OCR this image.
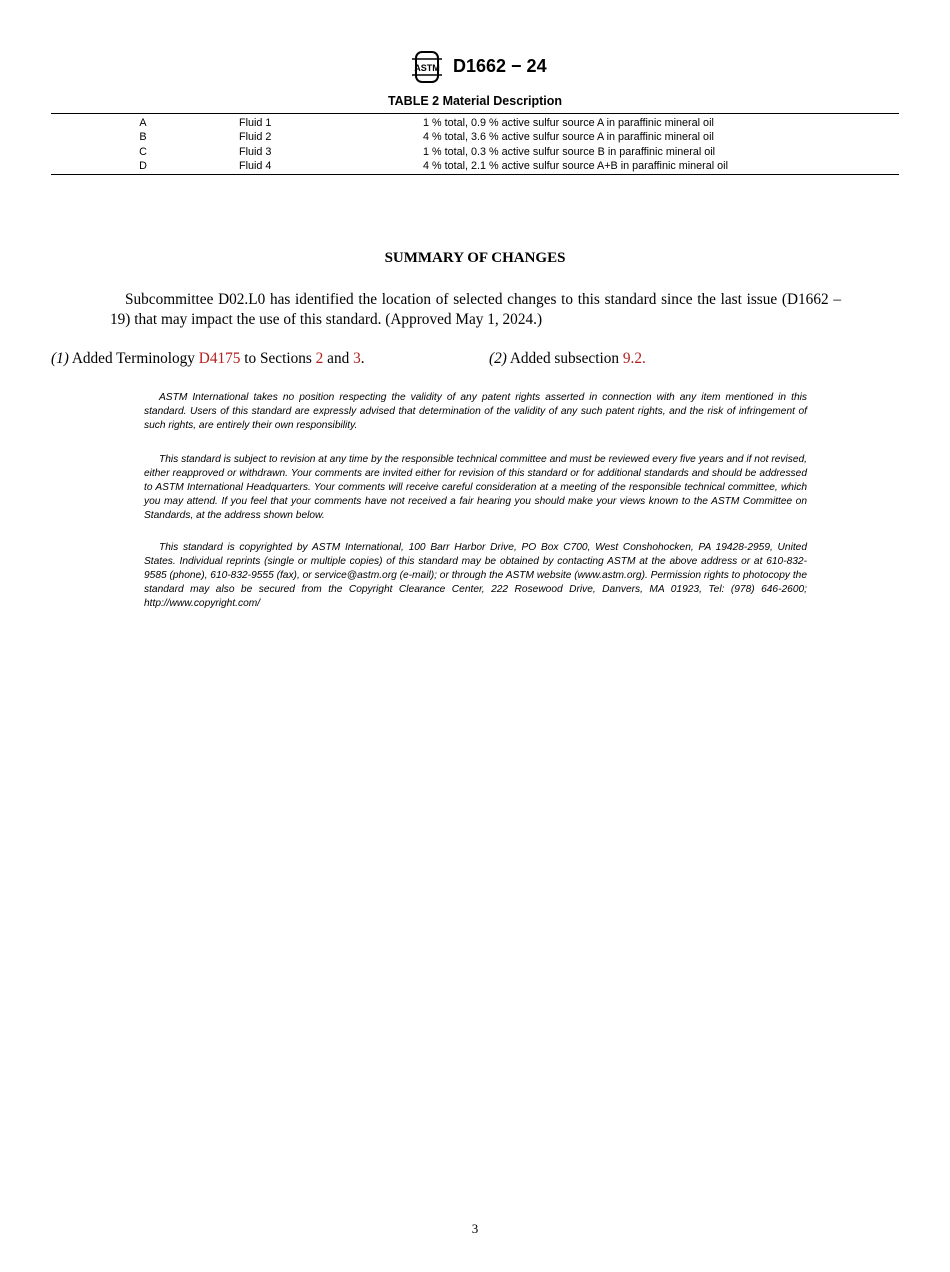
ASTM D1662 − 24
TABLE 2 Material Description
A	Fluid 1	1 % total, 0.9 % active sulfur source A in paraffinic mineral oil
B	Fluid 2	4 % total, 3.6 % active sulfur source A in paraffinic mineral oil
C	Fluid 3	1 % total, 0.3 % active sulfur source B in paraffinic mineral oil
D	Fluid 4	4 % total, 2.1 % active sulfur source A+B in paraffinic mineral oil
SUMMARY OF CHANGES

Subcommittee D02.L0 has identified the location of selected changes to this standard since the last issue (D1662 – 19) that may impact the use of this standard. (Approved May 1, 2024.)

(1) Added Terminology D4175 to Sections 2 and 3.	(2) Added subsection 9.2.

ASTM International takes no position respecting the validity of any patent rights asserted in connection with any item mentioned in this standard. Users of this standard are expressly advised that determination of the validity of any such patent rights, and the risk of infringement of such rights, are entirely their own responsibility.

This standard is subject to revision at any time by the responsible technical committee and must be reviewed every five years and if not revised, either reapproved or withdrawn. Your comments are invited either for revision of this standard or for additional standards and should be addressed to ASTM International Headquarters. Your comments will receive careful consideration at a meeting of the responsible technical committee, which you may attend. If you feel that your comments have not received a fair hearing you should make your views known to the ASTM Committee on Standards, at the address shown below.

This standard is copyrighted by ASTM International, 100 Barr Harbor Drive, PO Box C700, West Conshohocken, PA 19428-2959, United States. Individual reprints (single or multiple copies) of this standard may be obtained by contacting ASTM at the above address or at 610-832-9585 (phone), 610-832-9555 (fax), or service@astm.org (e-mail); or through the ASTM website (www.astm.org). Permission rights to photocopy the standard may also be secured from the Copyright Clearance Center, 222 Rosewood Drive, Danvers, MA 01923, Tel: (978) 646-2600; http://www.copyright.com/

3
